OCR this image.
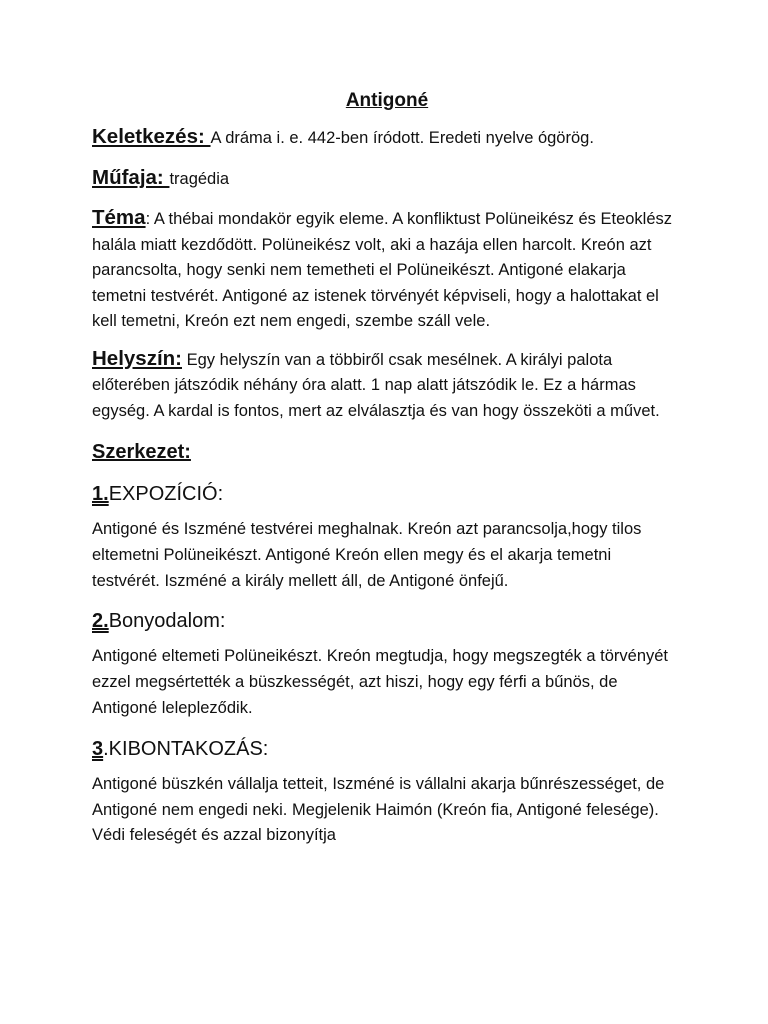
Antigoné

Keletkezés: A dráma i. e. 442-ben íródott. Eredeti nyelve ógörög.

Műfaja: tragédia

Téma: A thébai mondakör egyik eleme. A konfliktust Polüneikész és Eteoklész halála miatt kezdődött. Polüneikész volt, aki a hazája ellen harcolt. Kreón azt parancsolta, hogy senki nem temetheti el Polüneikészt. Antigoné elakarja temetni testvérét. Antigoné az istenek törvényét képviseli, hogy a halottakat el kell temetni, Kreón ezt nem engedi, szembe száll vele.

Helyszín: Egy helyszín van a többiről csak mesélnek. A királyi palota előterében játszódik néhány óra alatt. 1 nap alatt játszódik le. Ez a hármas egység. A kardal is fontos, mert az elválasztja és van hogy összeköti a művet.

Szerkezet:
1.EXPOZÍCIÓ:

Antigoné és Iszméné testvérei meghalnak. Kreón azt parancsolja,hogy tilos eltemetni Polüneikészt. Antigoné Kreón ellen megy és el akarja temetni testvérét. Iszméné a király mellett áll, de Antigoné önfejű.

2.Bonyodalom:

Antigoné eltemeti Polüneikészt. Kreón megtudja, hogy megszegték a törvényét ezzel megsértették a büszkességét, azt hiszi, hogy egy férfi a bűnös, de Antigoné lelepleződik.

3.KIBONTAKOZÁS:

Antigoné büszkén vállalja tetteit, Iszméné is vállalni akarja bűnrészességet, de Antigoné nem engedi neki. Megjelenik Haimón (Kreón fia, Antigoné felesége). Védi feleségét és azzal bizonyítja
